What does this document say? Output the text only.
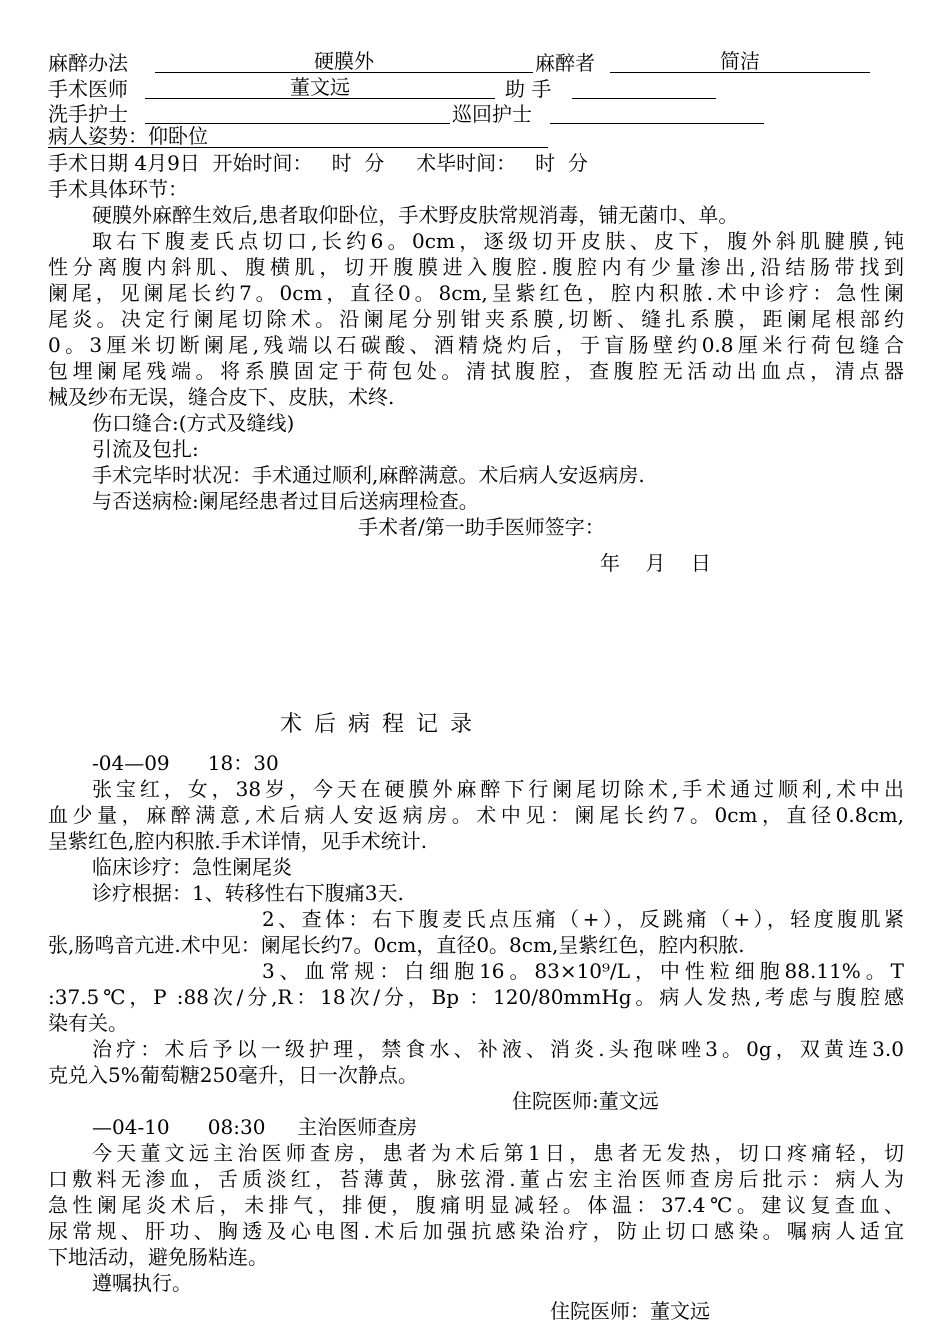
麻醉办法	硬膜外	麻醉者	简洁
手术医师	董文远	助 手
洗手护士	巡回护士
病人姿势：仰卧位
手术日期 4月9日  开始时间：   时  分     术毕时间：   时  分
手术具体环节：
硬膜外麻醉生效后,患者取仰卧位，手术野皮肤常规消毒，铺无菌巾、单。
取右下腹麦氏点切口,长约6。0cm，逐级切开皮肤、皮下，腹外斜肌腱膜,钝
性分离腹内斜肌、腹横肌，切开腹膜进入腹腔.腹腔内有少量渗出,沿结肠带找到
阑尾，见阑尾长约7。0cm，直径0。8cm,呈紫红色，腔内积脓.术中诊疗：急性阑
尾炎。决定行阑尾切除术。沿阑尾分别钳夹系膜,切断、缝扎系膜，距阑尾根部约
0。3厘米切断阑尾,残端以石碳酸、酒精烧灼后，于盲肠壁约0.8厘米行荷包缝合
包埋阑尾残端。将系膜固定于荷包处。清拭腹腔，查腹腔无活动出血点，清点器
械及纱布无误，缝合皮下、皮肤，术终.
伤口缝合:(方式及缝线)
引流及包扎:
手术完毕时状况：手术通过顺利,麻醉满意。术后病人安返病房.
与否送病检:阑尾经患者过目后送病理检查。
手术者/第一助手医师签字：
年    月    日
术后病程记录
-04—09      18：30
张宝红，女，38岁，今天在硬膜外麻醉下行阑尾切除术,手术通过顺利,术中出
血少量，麻醉满意,术后病人安返病房。术中见：阑尾长约7。0cm，直径0.8cm,
呈紫红色,腔内积脓.手术详情，见手术统计.
临床诊疗：急性阑尾炎
诊疗根据：1、转移性右下腹痛3天.
2、查体：右下腹麦氏点压痛（+），反跳痛（+），轻度腹肌紧
张,肠鸣音亢进.术中见：阑尾长约7。0cm，直径0。8cm,呈紫红色，腔内积脓.
3、血常规：白细胞16。83×10⁹/L，中性粒细胞88.11%。T
:37.5℃，P :88次/分,R：18次/分，Bp ：120/80mmHg。病人发热,考虑与腹腔感
染有关。
治疗：术后予以一级护理，禁食水、补液、消炎.头孢咪唑3。0g，双黄连3.0
克兑入5%葡萄糖250毫升，日一次静点。
住院医师:董文远
—04-10      08:30     主治医师查房
今天董文远主治医师查房，患者为术后第1日，患者无发热，切口疼痛轻，切
口敷料无渗血，舌质淡红，苔薄黄，脉弦滑.董占宏主治医师查房后批示：病人为
急性阑尾炎术后，未排气，排便，腹痛明显减轻。体温：37.4℃。建议复查血、
尿常规、肝功、胸透及心电图.术后加强抗感染治疗，防止切口感染。嘱病人适宜
下地活动，避免肠粘连。
遵嘱执行。
住院医师：董文远
